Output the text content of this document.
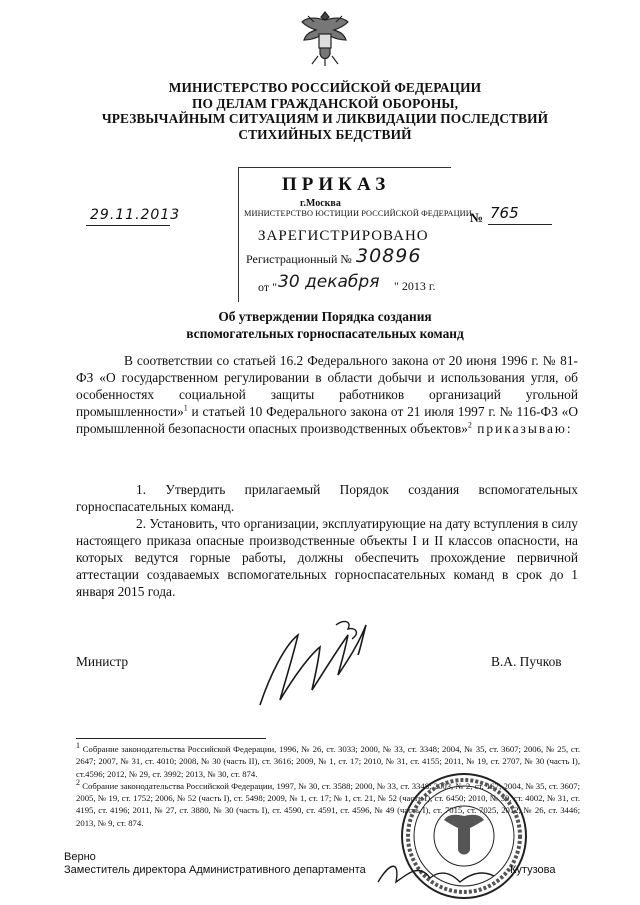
МИНИСТЕРСТВО РОССИЙСКОЙ ФЕДЕРАЦИИ
ПО ДЕЛАМ ГРАЖДАНСКОЙ ОБОРОНЫ,
ЧРЕЗВЫЧАЙНЫМ СИТУАЦИЯМ И ЛИКВИДАЦИИ ПОСЛЕДСТВИЙ
СТИХИЙНЫХ БЕДСТВИЙ
ПРИКАЗ
г.Москва
МИНИСТЕРСТВО ЮСТИЦИИ РОССИЙСКОЙ ФЕДЕРАЦИИ
ЗАРЕГИСТРИРОВАНО
Регистрационный № 30896
от " 30 декабря " 2013 г.
29.11.2013	№ 765
Об утверждении Порядка создания
вспомогательных горноспасательных команд
В соответствии со статьей 16.2 Федерального закона от 20 июня 1996 г. № 81-ФЗ «О государственном регулировании в области добычи и использования угля, об особенностях социальной защиты работников организаций угольной промышленности»$^1$ и статьей 10 Федерального закона от 21 июля 1997 г. № 116-ФЗ «О промышленной безопасности опасных производственных объектов»$^2$ приказываю:
1. Утвердить прилагаемый Порядок создания вспомогательных горноспасательных команд.
2. Установить, что организации, эксплуатирующие на дату вступления в силу настоящего приказа опасные производственные объекты I и II классов опасности, на которых ведутся горные работы, должны обеспечить прохождение первичной аттестации создаваемых вспомогательных горноспасательных команд в срок до 1 января 2015 года.
Министр	В.А. Пучков
$^1$ Собрание законодательства Российской Федерации, 1996, № 26, ст. 3033; 2000, № 33, ст. 3348; 2004, № 35, ст. 3607; 2006, № 25, ст. 2647; 2007, № 31, ст. 4010; 2008, № 30 (часть II), ст. 3616; 2009, № 1, ст. 17; 2010, № 31, ст. 4155; 2011, № 19, ст. 2707, № 30 (часть I), ст.4596; 2012, № 29, ст. 3992; 2013, № 30, ст. 874.
$^2$ Собрание законодательства Российской Федерации, 1997, № 30, ст. 3588; 2000, № 33, ст. 3348; 2003, № 2, ст. 167; 2004, № 35, ст. 3607; 2005, № 19, ст. 1752; 2006, № 52 (часть I), ст. 5498; 2009, № 1, ст. 17; № 1, ст. 21, № 52 (часть I), ст. 6450; 2010, № 30, ст. 4002, № 31, ст. 4195, ст. 4196; 2011, № 27, ст. 3880, № 30 (часть I), ст. 4590, ст. 4591, ст. 4596, № 49 (часть I), ст. 7015, ст. 7025, 2012, № 26, ст. 3446; 2013, № 9, ст. 874.
Верно
Заместитель директора Административного департамента	Кутузова
